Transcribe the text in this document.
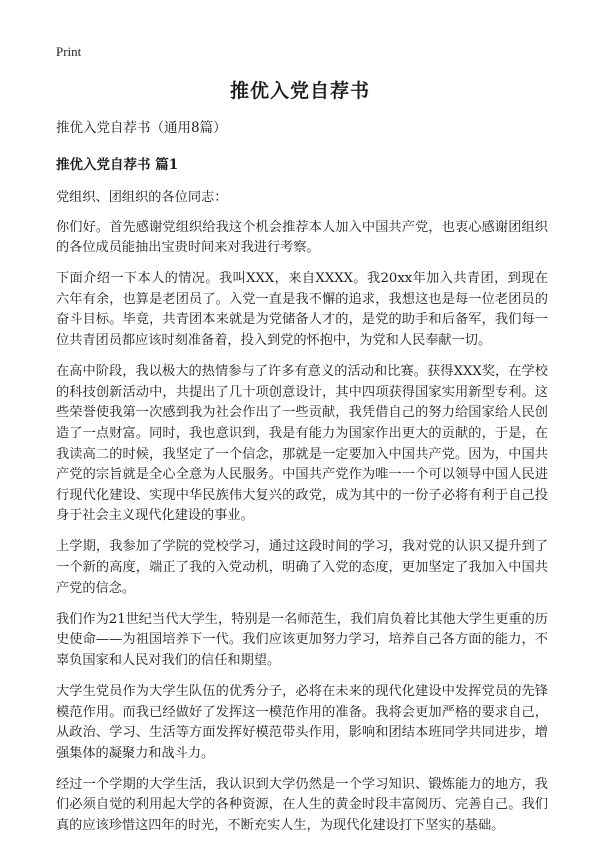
Print
推优入党自荐书

推优入党自荐书（通用8篇）

推优入党自荐书 篇1

党组织、团组织的各位同志：

你们好。首先感谢党组织给我这个机会推荐本人加入中国共产党，也衷心感谢团组织的各位成员能抽出宝贵时间来对我进行考察。

下面介绍一下本人的情况。我叫XXX，来自XXXX。我20xx年加入共青团，到现在六年有余，也算是老团员了。入党一直是我不懈的追求，我想这也是每一位老团员的奋斗目标。毕竟，共青团本来就是为党储备人才的，是党的助手和后备军，我们每一位共青团员都应该时刻准备着，投入到党的怀抱中，为党和人民奉献一切。

在高中阶段，我以极大的热情参与了许多有意义的活动和比赛。获得XXX奖，在学校的科技创新活动中，共提出了几十项创意设计，其中四项获得国家实用新型专利。这些荣誉使我第一次感到我为社会作出了一些贡献，我凭借自己的努力给国家给人民创造了一点财富。同时，我也意识到，我是有能力为国家作出更大的贡献的，于是，在我读高二的时候，我坚定了一个信念，那就是一定要加入中国共产党。因为，中国共产党的宗旨就是全心全意为人民服务。中国共产党作为唯一一个可以领导中国人民进行现代化建设、实现中华民族伟大复兴的政党，成为其中的一份子必将有利于自己投身于社会主义现代化建设的事业。

上学期，我参加了学院的党校学习，通过这段时间的学习，我对党的认识又提升到了一个新的高度，端正了我的入党动机，明确了入党的态度，更加坚定了我加入中国共产党的信念。

我们作为21世纪当代大学生，特别是一名师范生，我们肩负着比其他大学生更重的历史使命——为祖国培养下一代。我们应该更加努力学习，培养自己各方面的能力，不辜负国家和人民对我们的信任和期望。

大学生党员作为大学生队伍的优秀分子，必将在未来的现代化建设中发挥党员的先锋模范作用。而我已经做好了发挥这一模范作用的准备。我将会更加严格的要求自己，从政治、学习、生活等方面发挥好模范带头作用，影响和团结本班同学共同进步，增强集体的凝聚力和战斗力。

经过一个学期的大学生活，我认识到大学仍然是一个学习知识、锻炼能力的地方，我们必须自觉的利用起大学的各种资源，在人生的黄金时段丰富阅历、完善自己。我们真的应该珍惜这四年的时光，不断充实人生，为现代化建设打下坚实的基础。
